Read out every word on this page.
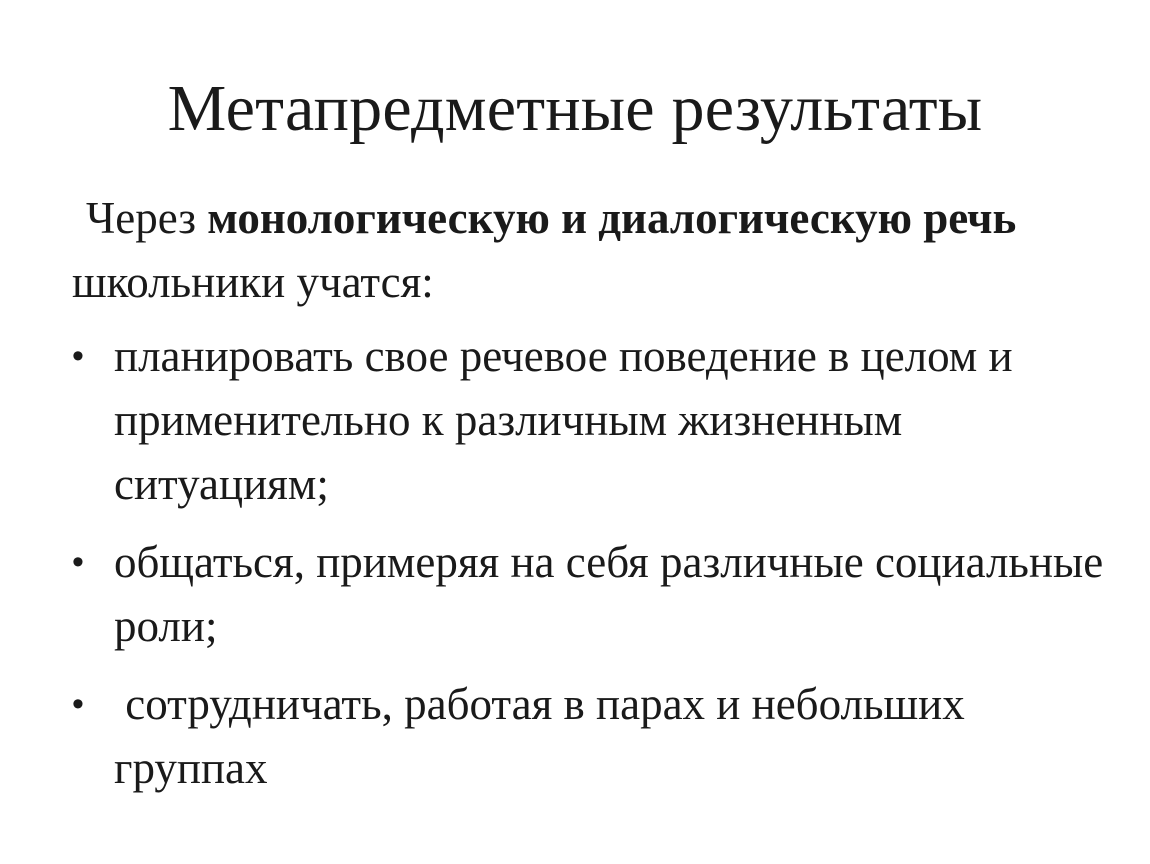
Метапредметные результаты

Через монологическую и диалогическую речь школьники учатся:

• планировать свое речевое поведение в целом и применительно к различным жизненным ситуациям;
• общаться, примеряя на себя различные социальные роли;
• сотрудничать, работая в парах и небольших группах
